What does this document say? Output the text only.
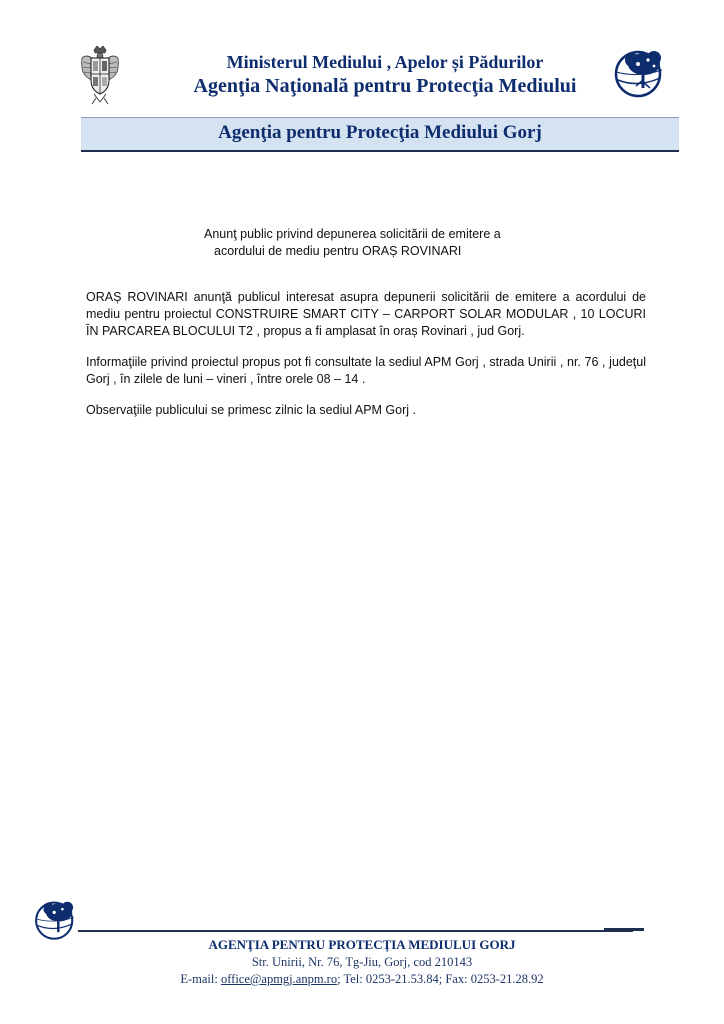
Ministerul Mediului , Apelor și Pădurilor
Agenţia Naţională pentru Protecţia Mediului
Agenţia pentru Protecţia Mediului Gorj
Anunţ public privind depunerea solicitării de emitere a
acordului de mediu pentru ORAȘ ROVINARI
ORAȘ ROVINARI anunţă publicul interesat asupra depunerii solicitării de emitere a acordului de mediu pentru proiectul CONSTRUIRE SMART CITY – CARPORT SOLAR MODULAR , 10 LOCURI ÎN PARCAREA BLOCULUI T2 , propus a fi amplasat în oraș Rovinari , jud Gorj.
Informaţiile privind proiectul propus pot fi consultate la sediul APM Gorj , strada Unirii , nr. 76 , judeţul Gorj , în zilele de luni – vineri , între orele 08 – 14 .
Observaţiile publicului se primesc zilnic la sediul APM Gorj .
AGENŢIA PENTRU PROTECŢIA MEDIULUI GORJ
Str. Unirii, Nr. 76, Tg-Jiu, Gorj, cod 210143
E-mail: office@apmgj.anpm.ro; Tel: 0253-21.53.84; Fax: 0253-21.28.92
